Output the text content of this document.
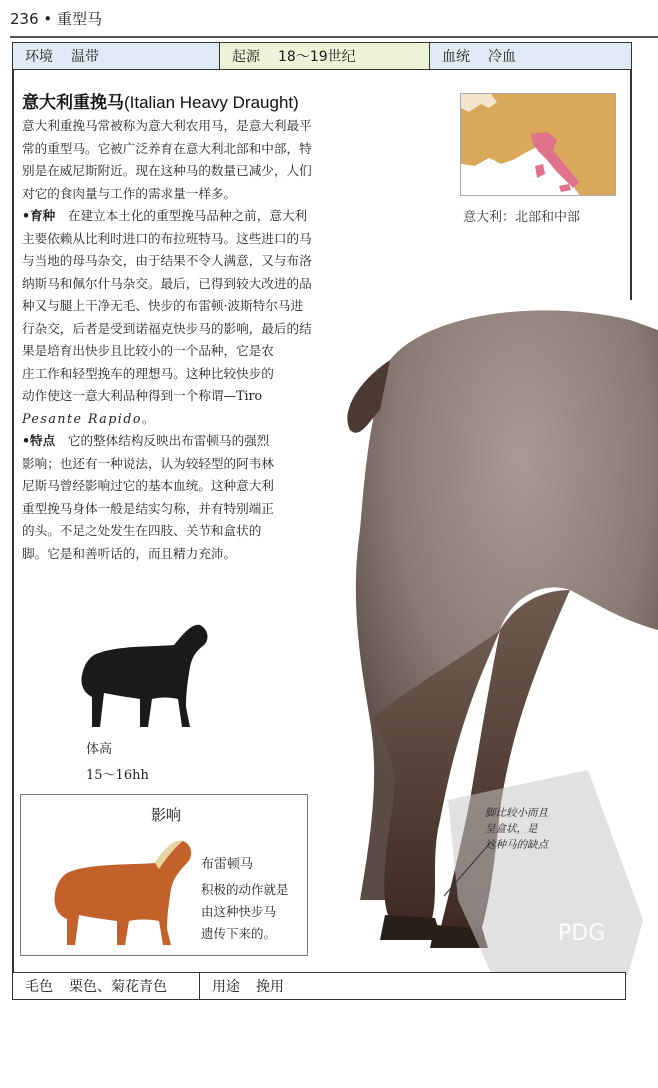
236 • 重型马
环境 温带	起源 18～19世纪	血统 冷血
意大利重挽马(Italian Heavy Draught)
意大利重挽马常被称为意大利农用马，是意大利最平
常的重型马。它被广泛养育在意大利北部和中部，特
别是在威尼斯附近。现在这种马的数量已减少，人们
对它的食肉量与工作的需求量一样多。
•育种　 在建立本土化的重型挽马品种之前，意大利
主要依赖从比利时进口的布拉班特马。这些进口的马
与当地的母马杂交，由于结果不令人满意，又与布洛
纳斯马和佩尔什马杂交。最后，已得到较大改进的品
种又与腿上干净无毛、快步的布雷顿·波斯特尔马进
行杂交，后者是受到诺福克快步马的影响，最后的结
果是培育出快步且比较小的一个品种，它是农
庄工作和轻型挽车的理想马。这种比较快步的
动作使这一意大利品种得到一个称谓—Tiro
Pesante Rapido。
•特点　 它的整体结构反映出布雷顿马的强烈
影响；也还有一种说法，认为较轻型的阿韦林
尼斯马曾经影响过它的基本血统。这种意大利
重型挽马身体一般是结实匀称，并有特别端正
的头。不足之处发生在四肢、关节和盒状的
脚。它是和善听话的，而且精力充沛。
意大利：北部和中部
PDG
体高
15～16hh
影响
布雷顿马
积极的动作就是
由这种快步马
遗传下来的。
脚比较小而且
呈盒状，是
这种马的缺点
毛色 栗色、菊花青色	用途 挽用
